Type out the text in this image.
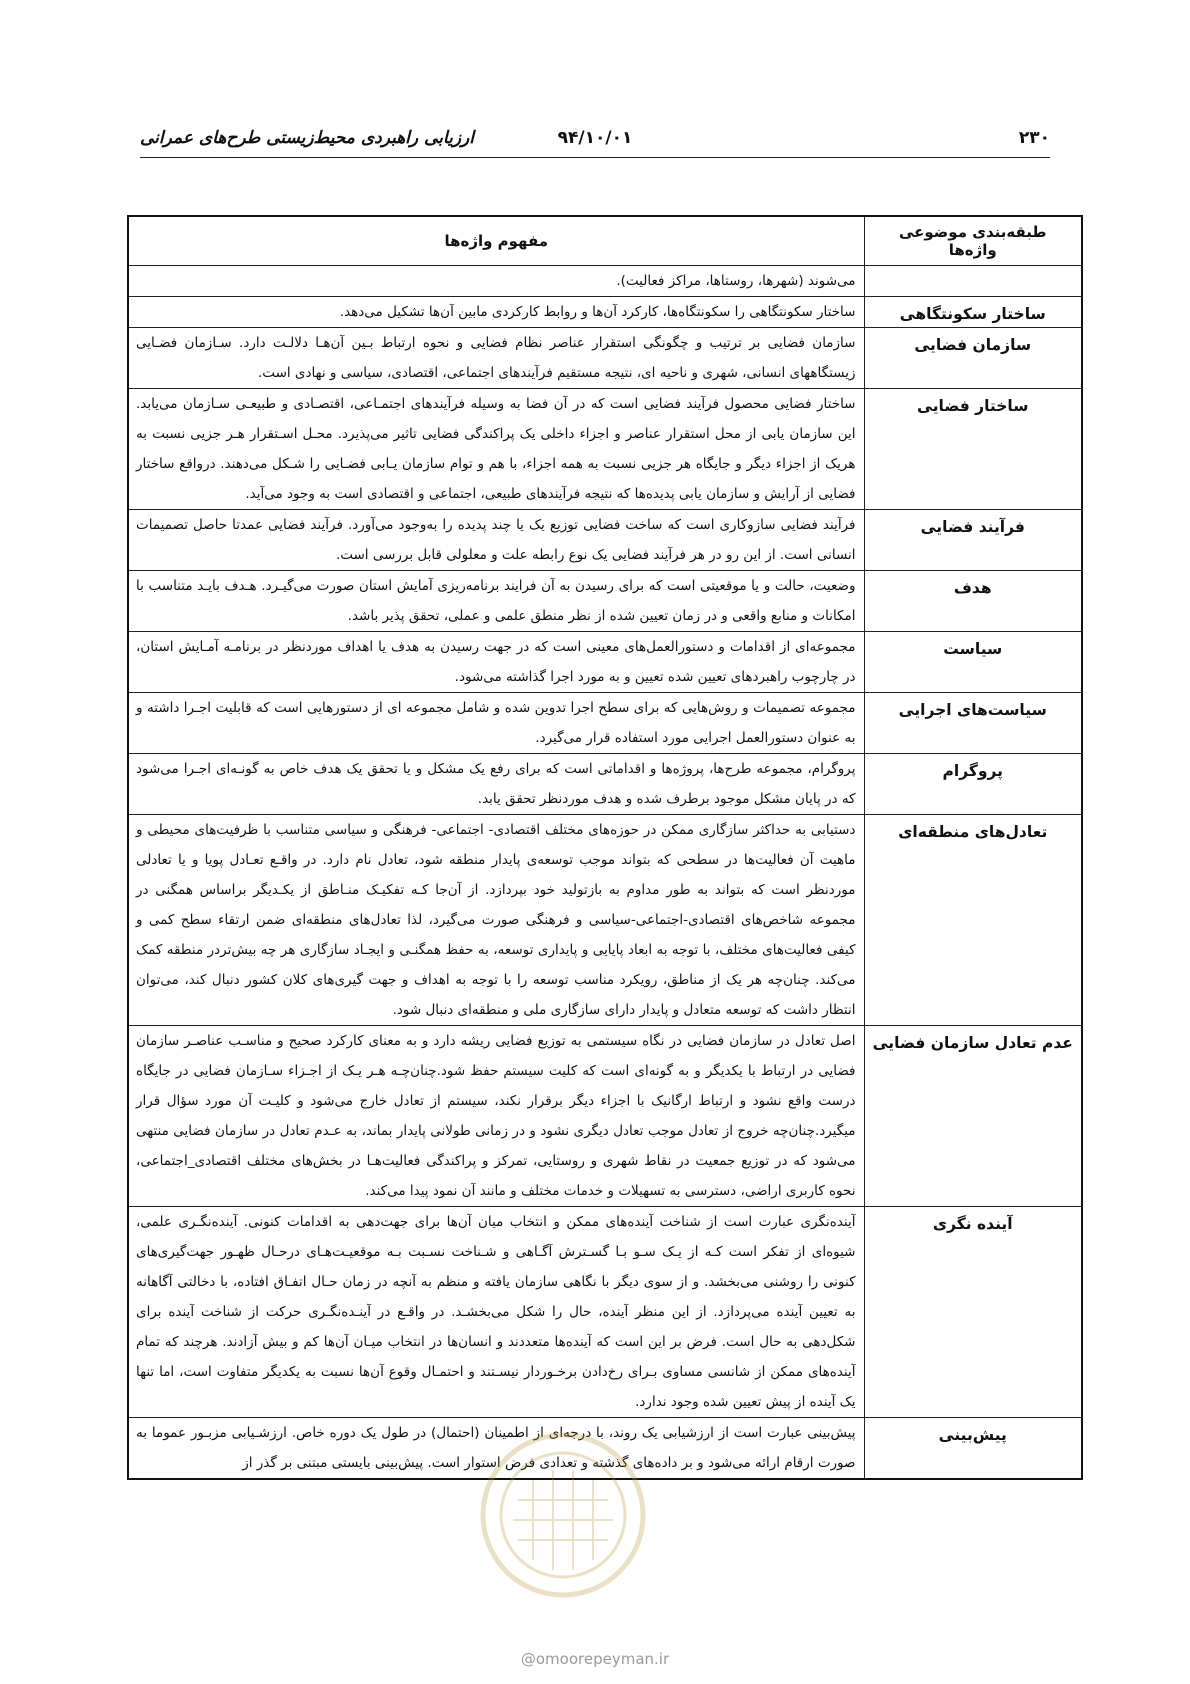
۲۳۰
۹۴/۱۰/۰۱
ارزیابی راهبردی محیط‌زیستی طرح‌های عمرانی
طبقه‌بندی موضوعی واژه‌ها	مفهوم واژه‌ها
	می‌شوند (شهرها، روستاها، مراکز فعالیت).
ساختار سکونتگاهی	ساختار سکونتگاهی را سکونتگاه‌ها، کارکرد آن‌ها و روابط کارکردی مابین آن‌ها تشکیل می‌دهد.
سازمان فضایی	سازمان فضایی بر ترتیب و چگونگی استقرار عناصر نظام فضایی و نحوه ارتباط بـین آن‌هـا دلالـت دارد. سـازمان فضـایی زیستگاههای انسانی، شهری و ناحیه ای، نتیجه مستقیم فرآیندهای اجتماعی، اقتصادی، سیاسی و نهادی است.
ساختار فضایی	ساختار فضایی محصول فرآیند فضایی است که در آن فضا به وسیله فرآیندهای اجتمـاعی، اقتصـادی و طبیعـی سـازمان می‌یابد. این سازمان یابی از محل استقرار عناصر و اجزاء داخلی یک پراکندگی فضایی تاثیر می‌پذیرد. محـل اسـتقرار هـر جزیی نسبت به هریک از اجزاء دیگر و جایگاه هر جزیی نسبت به همه اجزاء، با هم و توام سازمان یـابی فضـایی را شـکل می‌دهند. درواقع ساختار فضایی از آرایش و سازمان یابی پدیده‌ها که نتیجه فرآیندهای طبیعی، اجتماعی و اقتصادی است به وجود می‌آید.
فرآیند فضایی	فرآیند فضایی سازوکاری است که ساخت فضایی توزیع یک یا چند پدیده را به‌وجود می‌آورد. فرآیند فضایی عمدتا حاصل تصمیمات انسانی است. از این رو در هر فرآیند فضایی یک نوع رابطه علت و معلولی قابل بررسی است.
هدف	وضعیت، حالت و یا موقعیتی است که برای رسیدن به آن فرایند برنامه‌ریزی آمایش استان صورت می‌گیـرد. هـدف بایـد متناسب با امکانات و منابع واقعی و در زمان تعیین شده از نظر منطق علمی و عملی، تحقق پذیر باشد.
سیاست	مجموعه‌ای از اقدامات و دستورالعمل‌های معینی است که در جهت رسیدن به هدف یا اهداف مورد‌نظر در برنامـه آمـایش استان، در چارچوب راهبردهای تعیین شده تعیین و به مورد اجرا گذاشته می‌شود.
سیاست‌های اجرایی	مجموعه تصمیمات و روش‌هایی که برای سطح اجرا تدوین شده و شامل مجموعه ای از دستورهایی است که قابلیت اجـرا داشته و به عنوان دستورالعمل اجرایی مورد استفاده قرار می‌گیرد.
پروگرام	پروگرام، مجموعه طرح‌ها، پروژه‌ها و اقداماتی است که برای رفع یک مشکل و یا تحقق یک هدف خاص به گونـه‌ای اجـرا می‌شود که در پایان مشکل موجود برطرف شده و هدف مورد‌نظر تحقق یابد.
تعادل‌های منطقه‌ای	دستیابی به حداکثر سازگاری ممکن در حوزه‌های مختلف اقتصادی- اجتماعی- فرهنگی و سیاسی متناسب با ظرفیت‌های محیطی و ماهیت آن فعالیت‌ها در سطحی که بتواند موجب توسعه‌ی پایدار منطقه شود، تعادل نام دارد. در واقـع تعـادل پویا و یا تعادلی مورد‌نظر است که بتواند به طور مداوم به بازتولید خود بپردازد. از آن‌جا کـه تفکیـک منـاطق از یکـدیگر براساس همگنی در مجموعه شاخص‌های اقتصادی-اجتماعی-سیاسی و فرهنگی صورت می‌گیرد، لذا تعادل‌های منطقه‌ای ضمن ارتقاء سطح کمی و کیفی فعالیت‌های مختلف، با توجه به ابعاد پایایی و پایداری توسعه، به حفظ همگنـی و ایجـاد سازگاری هر چه بیش‌تردر منطقه کمک می‌کند. چنان‌چه هر یک از مناطق، رویکرد مناسب توسعه را با توجه به اهداف و جهت گیری‌های کلان کشور دنبال کند، می‌توان انتظار داشت که توسعه متعادل و پایدار دارای سازگاری ملی و منطقه‌ای دنبال شود.
عدم تعادل سازمان فضایی	اصل تعادل در سازمان فضایی در نگاه سیستمی به توزیع فضایی ریشه دارد و به معنای کارکرد صحیح و مناسـب عناصـر سازمان فضایی در ارتباط با یکدیگر و به گونه‌ای است که کلیت سیستم حفظ شود.چنان‌چـه هـر یـک از اجـزاء سـازمان فضایی در جایگاه درست واقع نشود و ارتباط ارگانیک با اجزاء دیگر برقرار نکند، سیستم از تعادل خارج می‌شود و کلیـت آن مورد سؤال قرار میگیرد.چنان‌چه خروج از تعادل موجب تعادل دیگری نشود و در زمانی طولانی پایدار بماند، به عـدم تعادل در سازمان فضایی منتهی می‌شود که در توزیع جمعیت در نقاط شهری و روستایی، تمرکز و پراکندگی فعالیت‌هـا در بخش‌های مختلف اقتصادی_اجتماعی، نحوه کاربری اراضی، دسترسی به تسهیلات و خدمات مختلف و مانند آن نمود پیدا می‌کند.
آینده نگری	آینده‌نگری عبارت است از شناخت آینده‌های ممکن و انتخاب میان آن‌ها برای جهت‌دهی به اقدامات کنونی. آینده‌نگـری علمی، شیوه‌ای از تفکر است کـه از یـک سـو بـا گسـترش آگـاهی و شـناخت نسـبت بـه موقعیـت‌هـای درحـال ظهـور جهت‌گیری‌های کنونی را روشنی می‌بخشد. و از سوی دیگر با نگاهی سازمان یافته و منظم به آنچه در زمان حـال اتفـاق افتاده، با دخالتی آگاهانه به تعیین آینده می‌پردازد. از این منظر آینده، حال را شکل می‌بخشـد. در واقـع در آینـده‌نگـری حرکت از شناخت آینده برای شکل‌دهی به حال است. فرض بر این است که آینده‌ها متعددند و انسان‌ها در انتخاب میـان آن‌ها کم و بیش آزادند. هرچند که تمام آینده‌های ممکن از شانسی مساوی بـرای رخ‌دادن برخـوردار نیسـتند و احتمـال وقوع آن‌ها نسبت به یکدیگر متفاوت است، اما تنها یک آینده از پیش تعیین شده وجود ندارد.
پیش‌بینی	پیش‌بینی عبارت است از ارزشیابی یک روند، با درجه‌ای از اطمینان (احتمال) در طول یک دوره خاص. ارزشـیابی مزبـور عموما به صورت ارقام ارائه می‌شود و بر داده‌های گذشته و تعدادی فرض استوار است. پیش‌بینی بایستی مبتنی بر گذر از
@omoorepeyman.ir
